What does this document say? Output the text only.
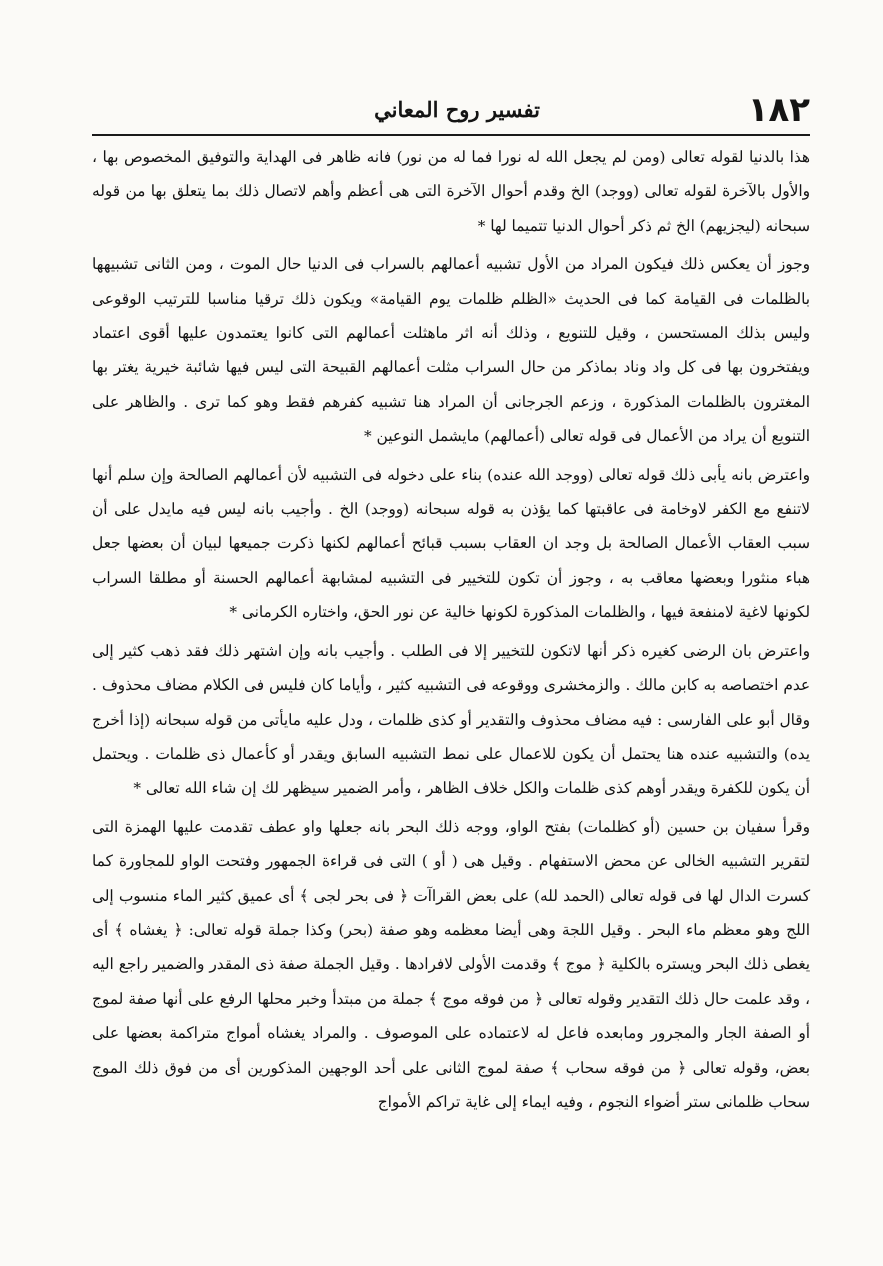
١٨٢
تفسير روح المعاني

هذا بالدنيا لقوله تعالى (ومن لم يجعل الله له نورا فما له من نور) فانه ظاهر فى الهداية والتوفيق المخصوص بها ، والأول بالآخرة لقوله تعالى (ووجد) الخ وقدم أحوال الآخرة التى هى أعظم وأهم لاتصال ذلك بما يتعلق بها من قوله سبحانه (ليجزيهم) الخ ثم ذكر أحوال الدنيا تتميما لها *

وجوز أن يعكس ذلك فيكون المراد من الأول تشبيه أعمالهم بالسراب فى الدنيا حال الموت ، ومن الثانى تشبيهها بالظلمات فى القيامة كما فى الحديث «الظلم ظلمات يوم القيامة» ويكون ذلك ترقيا مناسبا للترتيب الوقوعى وليس بذلك المستحسن ، وقيل للتنويع ، وذلك أنه اثر ماهثلت أعمالهم التى كانوا يعتمدون عليها أقوى اعتماد ويفتخرون بها فى كل واد وناد بماذكر من حال السراب مثلت أعمالهم القبيحة التى ليس فيها شائبة خيرية يغتر بها المغترون بالظلمات المذكورة ، وزعم الجرجانى أن المراد هنا تشبيه كفرهم فقط وهو كما ترى . والظاهر على التنويع أن يراد من الأعمال فى قوله تعالى (أعمالهم) مايشمل النوعين *

واعترض بانه يأبى ذلك قوله تعالى (ووجد الله عنده) بناء على دخوله فى التشبيه لأن أعمالهم الصالحة وإن سلم أنها لاتنفع مع الكفر لاوخامة فى عاقبتها كما يؤذن به قوله سبحانه (ووجد) الخ . وأجيب بانه ليس فيه مايدل على أن سبب العقاب الأعمال الصالحة بل وجد ان العقاب بسبب قبائح أعمالهم لكنها ذكرت جميعها لبيان أن بعضها جعل هباء منثورا وبعضها معاقب به ، وجوز أن تكون للتخيير فى التشبيه لمشابهة أعمالهم الحسنة أو مطلقا السراب لكونها لاغية لامنفعة فيها ، والظلمات المذكورة لكونها خالية عن نور الحق، واختاره الكرمانى *

واعترض بان الرضى كغيره ذكر أنها لاتكون للتخيير إلا فى الطلب . وأجيب بانه وإن اشتهر ذلك فقد ذهب كثير إلى عدم اختصاصه به كابن مالك . والزمخشرى ووقوعه فى التشبيه كثير ، وأياما كان فليس فى الكلام مضاف محذوف . وقال أبو على الفارسى : فيه مضاف محذوف والتقدير أو كذى ظلمات ، ودل عليه مايأتى من قوله سبحانه (إذا أخرج يده) والتشبيه عنده هنا يحتمل أن يكون للاعمال على نمط التشبيه السابق ويقدر أو كأعمال ذى ظلمات . ويحتمل أن يكون للكفرة ويقدر أوهم كذى ظلمات والكل خلاف الظاهر ، وأمر الضمير سيظهر لك إن شاء الله تعالى *

وقرأ سفيان بن حسين (أو كظلمات) بفتح الواو، ووجه ذلك البحر بانه جعلها واو عطف تقدمت عليها الهمزة التى لتقرير التشبيه الخالى عن محض الاستفهام . وقيل هى ( أو ) التى فى قراءة الجمهور وفتحت الواو للمجاورة كما كسرت الدال لها فى قوله تعالى (الحمد لله) على بعض القراآت ﴿ فى بحر لجى ﴾ أى عميق كثير الماء منسوب إلى اللج وهو معظم ماء البحر . وقيل اللجة وهى أيضا معظمه وهو صفة (بحر) وكذا جملة قوله تعالى: ﴿ يغشاه ﴾ أى يغطى ذلك البحر ويستره بالكلية ﴿ موج ﴾ وقدمت الأولى لافرادها . وقيل الجملة صفة ذى المقدر والضمير راجع اليه ، وقد علمت حال ذلك التقدير وقوله تعالى ﴿ من فوقه موج ﴾ جملة من مبتدأ وخبر محلها الرفع على أنها صفة لموج أو الصفة الجار والمجرور ومابعده فاعل له لاعتماده على الموصوف . والمراد يغشاه أمواج متراكمة بعضها على بعض، وقوله تعالى ﴿ من فوقه سحاب ﴾ صفة لموج الثانى على أحد الوجهين المذكورين أى من فوق ذلك الموج سحاب ظلمانى ستر أضواء النجوم ، وفيه ايماء إلى غاية تراكم الأمواج
